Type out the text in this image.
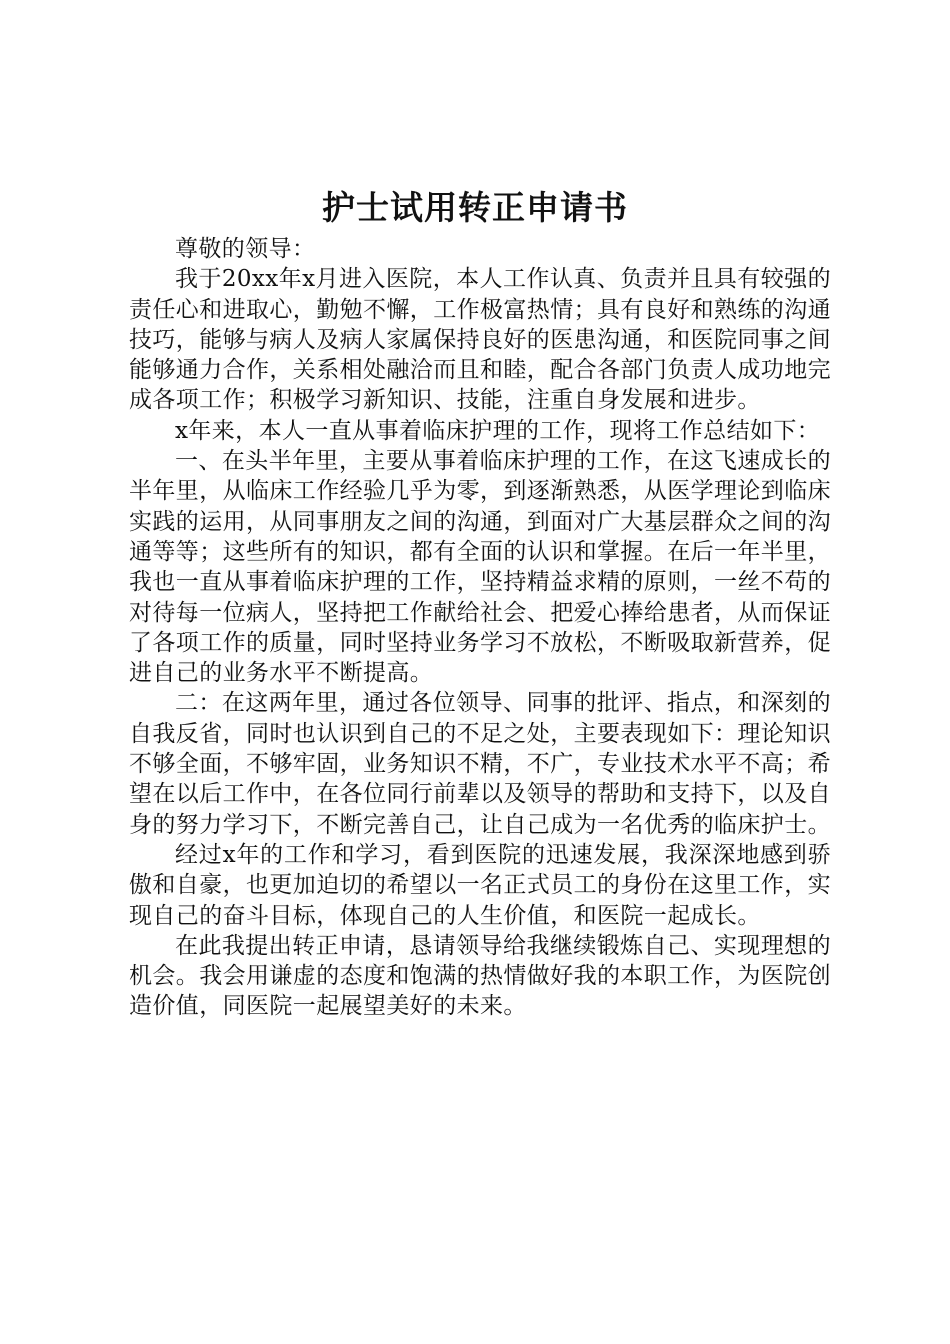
护士试用转正申请书

尊敬的领导：

我于20xx年x月进入医院，本人工作认真、负责并且具有较强的责任心和进取心，勤勉不懈，工作极富热情；具有良好和熟练的沟通技巧，能够与病人及病人家属保持良好的医患沟通，和医院同事之间能够通力合作，关系相处融洽而且和睦，配合各部门负责人成功地完成各项工作；积极学习新知识、技能，注重自身发展和进步。

x年来，本人一直从事着临床护理的工作，现将工作总结如下：

一、在头半年里，主要从事着临床护理的工作，在这飞速成长的半年里，从临床工作经验几乎为零，到逐渐熟悉，从医学理论到临床实践的运用，从同事朋友之间的沟通，到面对广大基层群众之间的沟通等等；这些所有的知识，都有全面的认识和掌握。在后一年半里，我也一直从事着临床护理的工作，坚持精益求精的原则，一丝不苟的对待每一位病人，坚持把工作献给社会、把爱心捧给患者，从而保证了各项工作的质量，同时坚持业务学习不放松，不断吸取新营养，促进自己的业务水平不断提高。

二：在这两年里，通过各位领导、同事的批评、指点，和深刻的自我反省，同时也认识到自己的不足之处，主要表现如下：理论知识不够全面，不够牢固，业务知识不精，不广，专业技术水平不高；希望在以后工作中，在各位同行前辈以及领导的帮助和支持下，以及自身的努力学习下，不断完善自己，让自己成为一名优秀的临床护士。

经过x年的工作和学习，看到医院的迅速发展，我深深地感到骄傲和自豪，也更加迫切的希望以一名正式员工的身份在这里工作，实现自己的奋斗目标，体现自己的人生价值，和医院一起成长。

在此我提出转正申请，恳请领导给我继续锻炼自己、实现理想的机会。我会用谦虚的态度和饱满的热情做好我的本职工作，为医院创造价值，同医院一起展望美好的未来。
